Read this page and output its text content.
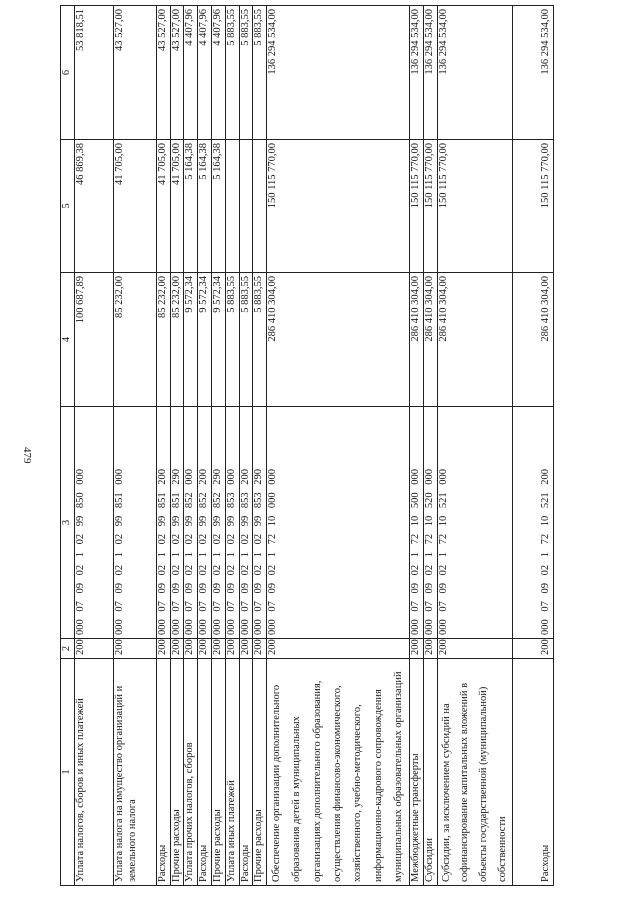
479
1	2	3	4	5	6
Уплата налогов, сборов и иных платежей	200	000 07 09 02 1 02 99 850 000	100 687,89	46 869,38	53 818,51
Уплата налога на имущество организаций и земельного налога	200	000 07 09 02 1 02 99 851 000	85 232,00	41 705,00	43 527,00
Расходы	200	000 07 09 02 1 02 99 851 200	85 232,00	41 705,00	43 527,00
Прочие расходы	200	000 07 09 02 1 02 99 851 290	85 232,00	41 705,00	43 527,00
Уплата прочих налогов, сборов	200	000 07 09 02 1 02 99 852 000	9 572,34	5 164,38	4 407,96
Расходы	200	000 07 09 02 1 02 99 852 200	9 572,34	5 164,38	4 407,96
Прочие расходы	200	000 07 09 02 1 02 99 852 290	9 572,34	5 164,38	4 407,96
Уплата иных платежей	200	000 07 09 02 1 02 99 853 000	5 883,55		5 883,55
Расходы	200	000 07 09 02 1 02 99 853 200	5 883,55		5 883,55
Прочие расходы	200	000 07 09 02 1 02 99 853 290	5 883,55		5 883,55
Обеспечение организации дополнительного образования детей в муниципальных организациях дополнительного образования, осуществления финансово-экономического, хозяйственного, учебно-методического, информационно-кадрового сопровождения муниципальных образовательных организаций	200	000 07 09 02 1 72 10 000 000	286 410 304,00	150 115 770,00	136 294 534,00
Межбюджетные трансферты	200	000 07 09 02 1 72 10 500 000	286 410 304,00	150 115 770,00	136 294 534,00
Субсидии	200	000 07 09 02 1 72 10 520 000	286 410 304,00	150 115 770,00	136 294 534,00
Субсидии, за исключением субсидий на софинансирование капитальных вложений в объекты государственной (муниципальной) собственности	200	000 07 09 02 1 72 10 521 000	286 410 304,00	150 115 770,00	136 294 534,00
Расходы	200	000 07 09 02 1 72 10 521 200	286 410 304,00	150 115 770,00	136 294 534,00
